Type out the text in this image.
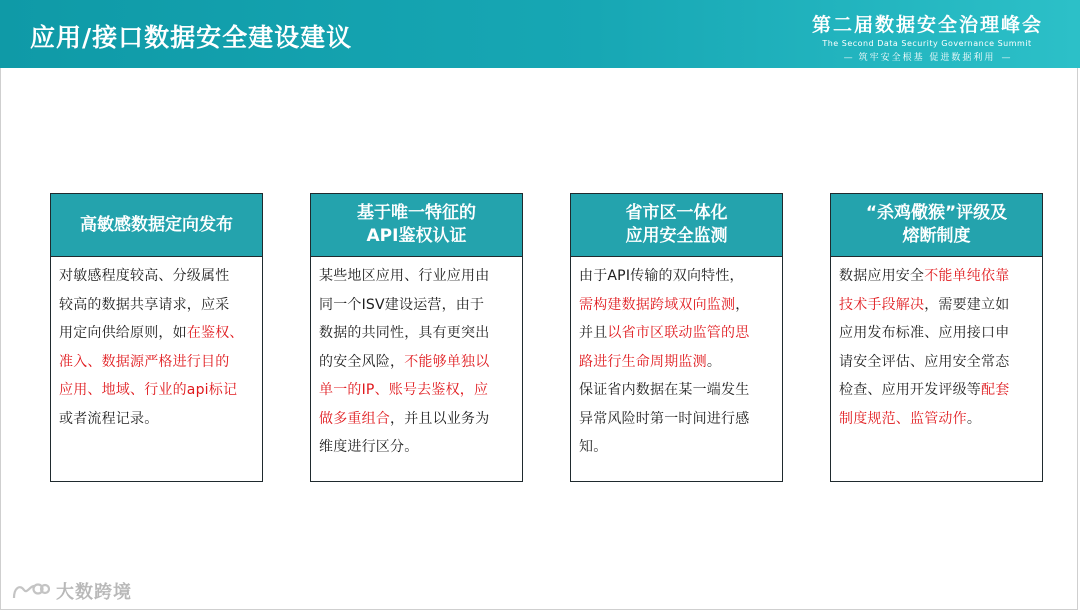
应用/接口数据安全建设建议	第二届数据安全治理峰会
The Second Data Security Governance Summit
— 筑牢安全根基 促进数据利用 —
高敏感数据定向发布
对敏感程度较高、分级属性
较高的数据共享请求，应采
用定向供给原则，如在鉴权、
准入、数据源严格进行目的
应用、地域、行业的api标记
或者流程记录。
基于唯一特征的
API鉴权认证
某些地区应用、行业应用由
同一个ISV建设运营，由于
数据的共同性，具有更突出
的安全风险，不能够单独以
单一的IP、账号去鉴权，应
做多重组合，并且以业务为
维度进行区分。
省市区一体化
应用安全监测
由于API传输的双向特性，
需构建数据跨域双向监测，
并且以省市区联动监管的思
路进行生命周期监测。
保证省内数据在某一端发生
异常风险时第一时间进行感
知。
“杀鸡儆猴”评级及
熔断制度
数据应用安全不能单纯依靠
技术手段解决，需要建立如
应用发布标准、应用接口申
请安全评估、应用安全常态
检查、应用开发评级等配套
制度规范、监管动作。
大数跨境
